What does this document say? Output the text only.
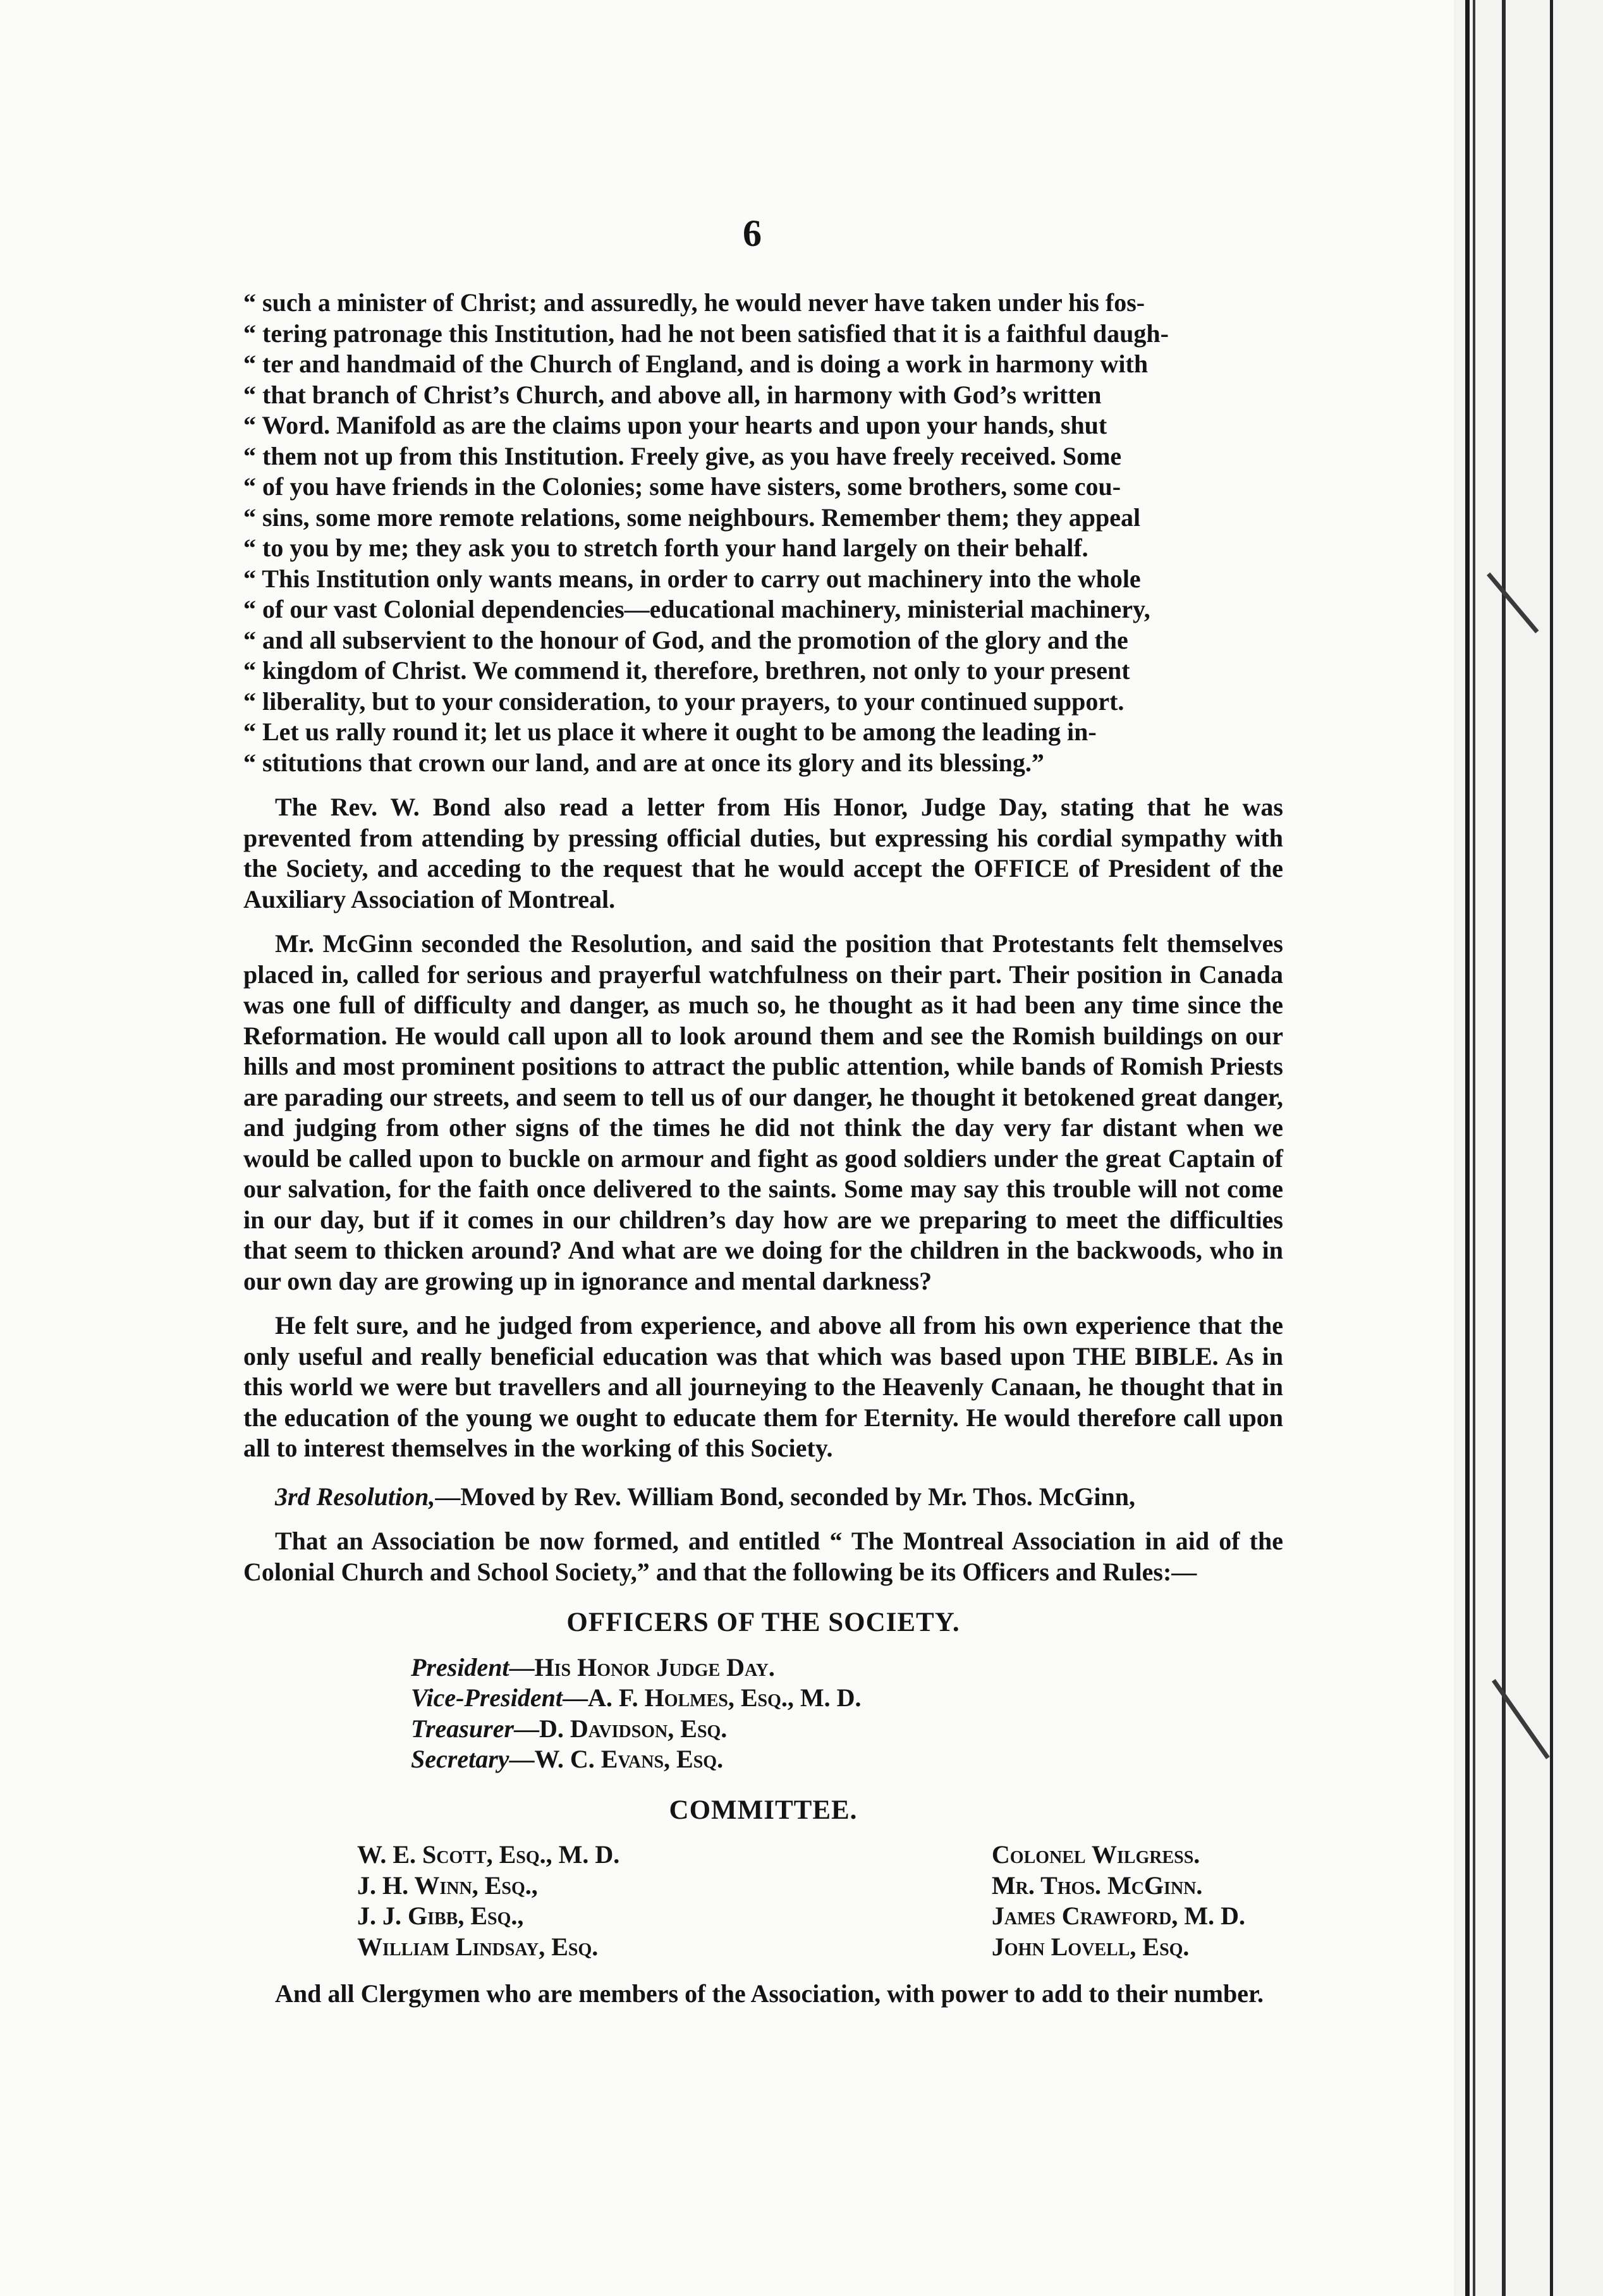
6
“ such a minister of Christ; and assuredly, he would never have taken under his fos-
“ tering patronage this Institution, had he not been satisfied that it is a faithful daugh-
“ ter and handmaid of the Church of England, and is doing a work in harmony with
“ that branch of Christ’s Church, and above all, in harmony with God’s written
“ Word. Manifold as are the claims upon your hearts and upon your hands, shut
“ them not up from this Institution. Freely give, as you have freely received. Some
“ of you have friends in the Colonies; some have sisters, some brothers, some cou-
“ sins, some more remote relations, some neighbours. Remember them; they appeal
“ to you by me; they ask you to stretch forth your hand largely on their behalf.
“ This Institution only wants means, in order to carry out machinery into the whole
“ of our vast Colonial dependencies—educational machinery, ministerial machinery,
“ and all subservient to the honour of God, and the promotion of the glory and the
“ kingdom of Christ. We commend it, therefore, brethren, not only to your present
“ liberality, but to your consideration, to your prayers, to your continued support.
“ Let us rally round it; let us place it where it ought to be among the leading in-
“ stitutions that crown our land, and are at once its glory and its blessing.”

The Rev. W. Bond also read a letter from His Honor, Judge Day, stating that he was prevented from attending by pressing official duties, but expressing his cordial sympathy with the Society, and acceding to the request that he would accept the OFFICE of President of the Auxiliary Association of Montreal.

Mr. McGinn seconded the Resolution, and said the position that Protestants felt themselves placed in, called for serious and prayerful watchfulness on their part. Their position in Canada was one full of difficulty and danger, as much so, he thought as it had been any time since the Reformation. He would call upon all to look around them and see the Romish buildings on our hills and most prominent positions to attract the public attention, while bands of Romish Priests are parading our streets, and seem to tell us of our danger, he thought it betokened great danger, and judging from other signs of the times he did not think the day very far distant when we would be called upon to buckle on armour and fight as good soldiers under the great Captain of our salvation, for the faith once delivered to the saints. Some may say this trouble will not come in our day, but if it comes in our children’s day how are we preparing to meet the difficulties that seem to thicken around? And what are we doing for the children in the backwoods, who in our own day are growing up in ignorance and mental darkness?

He felt sure, and he judged from experience, and above all from his own experience that the only useful and really beneficial education was that which was based upon THE BIBLE. As in this world we were but travellers and all journeying to the Heavenly Canaan, he thought that in the education of the young we ought to educate them for Eternity. He would therefore call upon all to interest themselves in the working of this Society.

3rd Resolution,—Moved by Rev. William Bond, seconded by Mr. Thos. McGinn,

That an Association be now formed, and entitled “ The Montreal Association in aid of the Colonial Church and School Society,” and that the following be its Officers and Rules:—

OFFICERS OF THE SOCIETY.
President—His Honor Judge Day.
Vice-President—A. F. Holmes, Esq., M. D.
Treasurer—D. Davidson, Esq.
Secretary—W. C. Evans, Esq.
COMMITTEE.
W. E. Scott, Esq., M. D.
J. H. Winn, Esq.,
J. J. Gibb, Esq.,
William Lindsay, Esq.
Colonel Wilgress.
Mr. Thos. McGinn.
James Crawford, M. D.
John Lovell, Esq.

And all Clergymen who are members of the Association, with power to add to their number.
